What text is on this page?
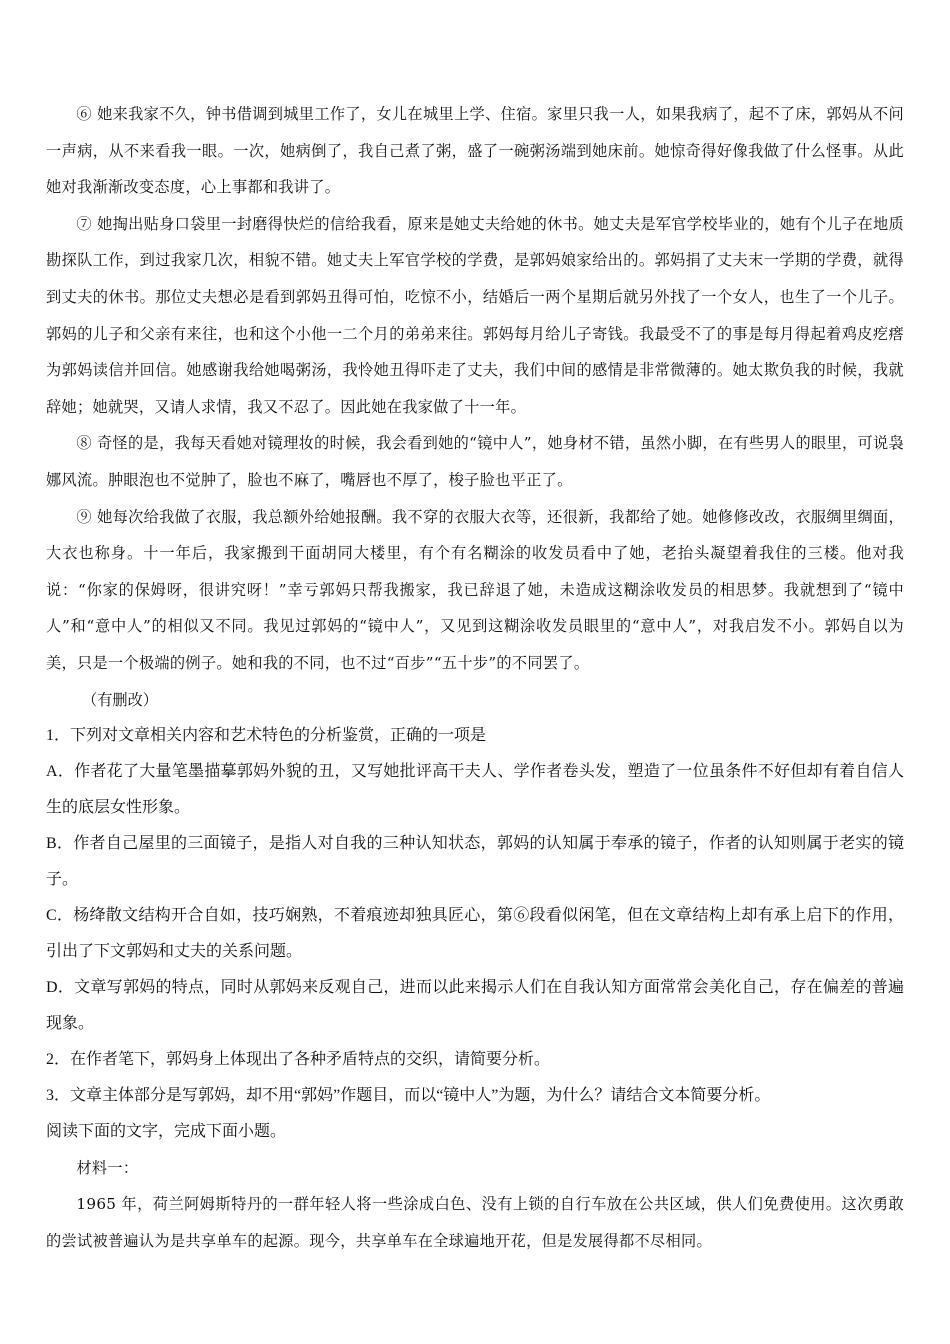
⑥ 她来我家不久，钟书借调到城里工作了，女儿在城里上学、住宿。家里只我一人，如果我病了，起不了床，郭妈从不问一声病，从不来看我一眼。一次，她病倒了，我自己煮了粥，盛了一碗粥汤端到她床前。她惊奇得好像我做了什么怪事。从此她对我渐渐改变态度，心上事都和我讲了。

⑦ 她掏出贴身口袋里一封磨得快烂的信给我看，原来是她丈夫给她的休书。她丈夫是军官学校毕业的，她有个儿子在地质勘探队工作，到过我家几次，相貌不错。她丈夫上军官学校的学费，是郭妈娘家给出的。郭妈捐了丈夫末一学期的学费，就得到丈夫的休书。那位丈夫想必是看到郭妈丑得可怕，吃惊不小，结婚后一两个星期后就另外找了一个女人，也生了一个儿子。郭妈的儿子和父亲有来往，也和这个小他一二个月的弟弟来往。郭妈每月给儿子寄钱。我最受不了的事是每月得起着鸡皮疙瘩为郭妈读信并回信。她感谢我给她喝粥汤，我怜她丑得吓走了丈夫，我们中间的感情是非常微薄的。她太欺负我的时候，我就辞她；她就哭，又请人求情，我又不忍了。因此她在我家做了十一年。

⑧ 奇怪的是，我每天看她对镜理妆的时候，我会看到她的“镜中人”，她身材不错，虽然小脚，在有些男人的眼里，可说袅娜风流。肿眼泡也不觉肿了，脸也不麻了，嘴唇也不厚了，梭子脸也平正了。

⑨ 她每次给我做了衣服，我总额外给她报酬。我不穿的衣服大衣等，还很新，我都给了她。她修修改改，衣服绸里绸面，大衣也称身。十一年后，我家搬到干面胡同大楼里，有个有名糊涂的收发员看中了她，老抬头凝望着我住的三楼。他对我说：“你家的保姆呀，很讲究呀！”幸亏郭妈只帮我搬家，我已辞退了她，未造成这糊涂收发员的相思梦。我就想到了“镜中人”和“意中人”的相似又不同。我见过郭妈的“镜中人”，又见到这糊涂收发员眼里的“意中人”，对我启发不小。郭妈自以为美，只是一个极端的例子。她和我的不同，也不过“百步”“五十步”的不同罢了。

（有删改）

1．下列对文章相关内容和艺术特色的分析鉴赏，正确的一项是

A．作者花了大量笔墨描摹郭妈外貌的丑，又写她批评高干夫人、学作者卷头发，塑造了一位虽条件不好但却有着自信人生的底层女性形象。

B．作者自己屋里的三面镜子，是指人对自我的三种认知状态，郭妈的认知属于奉承的镜子，作者的认知则属于老实的镜子。

C．杨绛散文结构开合自如，技巧娴熟，不着痕迹却独具匠心，第⑥段看似闲笔，但在文章结构上却有承上启下的作用，引出了下文郭妈和丈夫的关系问题。

D．文章写郭妈的特点，同时从郭妈来反观自己，进而以此来揭示人们在自我认知方面常常会美化自己，存在偏差的普遍现象。

2．在作者笔下，郭妈身上体现出了各种矛盾特点的交织，请简要分析。

3．文章主体部分是写郭妈，却不用“郭妈”作题目，而以“镜中人”为题，为什么？请结合文本简要分析。

阅读下面的文字，完成下面小题。

材料一：

1965 年，荷兰阿姆斯特丹的一群年轻人将一些涂成白色、没有上锁的自行车放在公共区域，供人们免费使用。这次勇敢的尝试被普遍认为是共享单车的起源。现今，共享单车在全球遍地开花，但是发展得都不尽相同。
